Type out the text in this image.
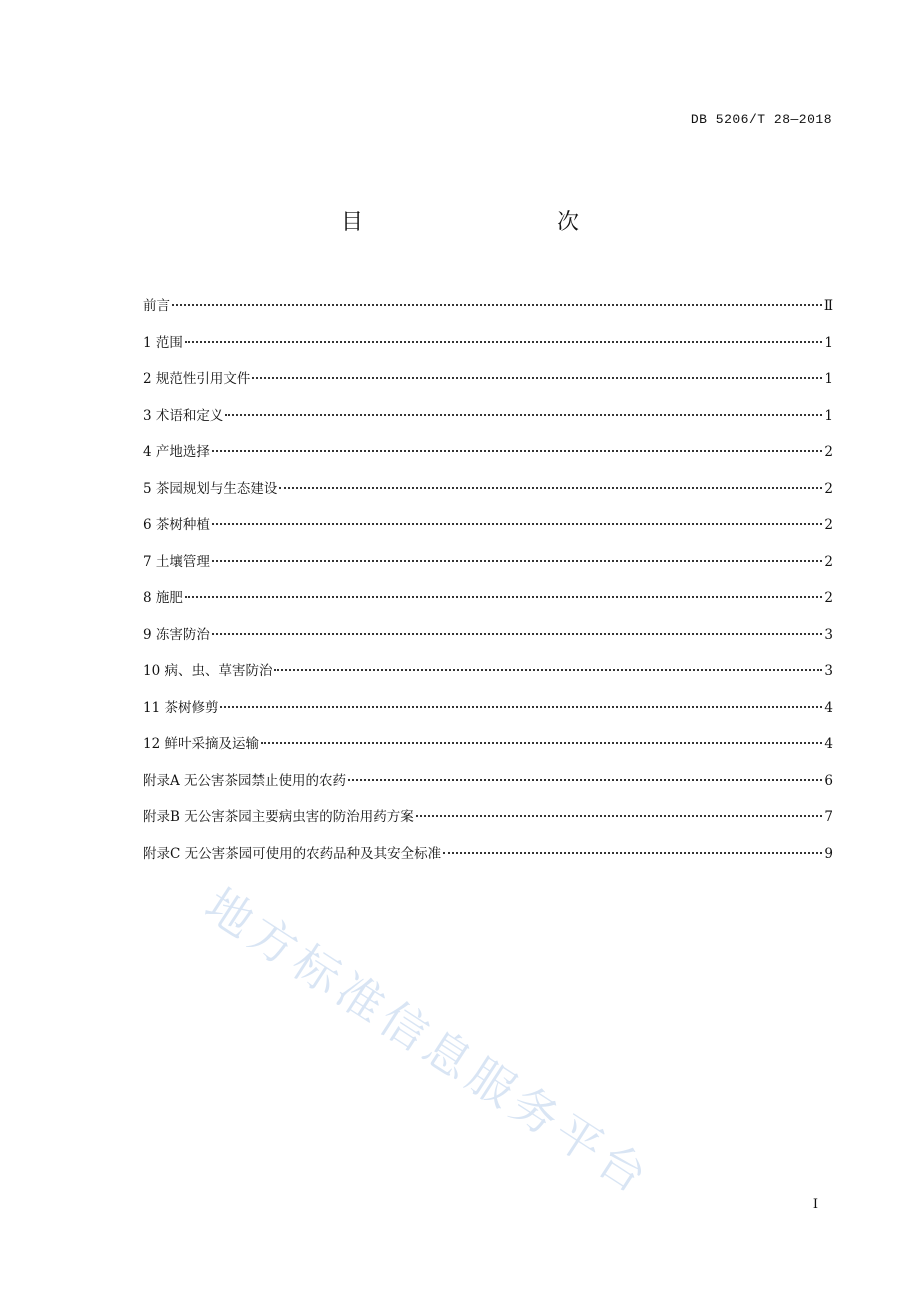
DB 5206/T 28—2018
目　　次
前言	Ⅱ
1 范围	1
2 规范性引用文件	1
3 术语和定义	1
4 产地选择	2
5 茶园规划与生态建设	2
6 茶树种植	2
7 土壤管理	2
8 施肥	2
9 冻害防治	3
10 病、虫、草害防治	3
11 茶树修剪	4
12 鲜叶采摘及运输	4
附录A 无公害茶园禁止使用的农药	6
附录B 无公害茶园主要病虫害的防治用药方案	7
附录C 无公害茶园可使用的农药品种及其安全标准	9
地方标准信息服务平台	I
